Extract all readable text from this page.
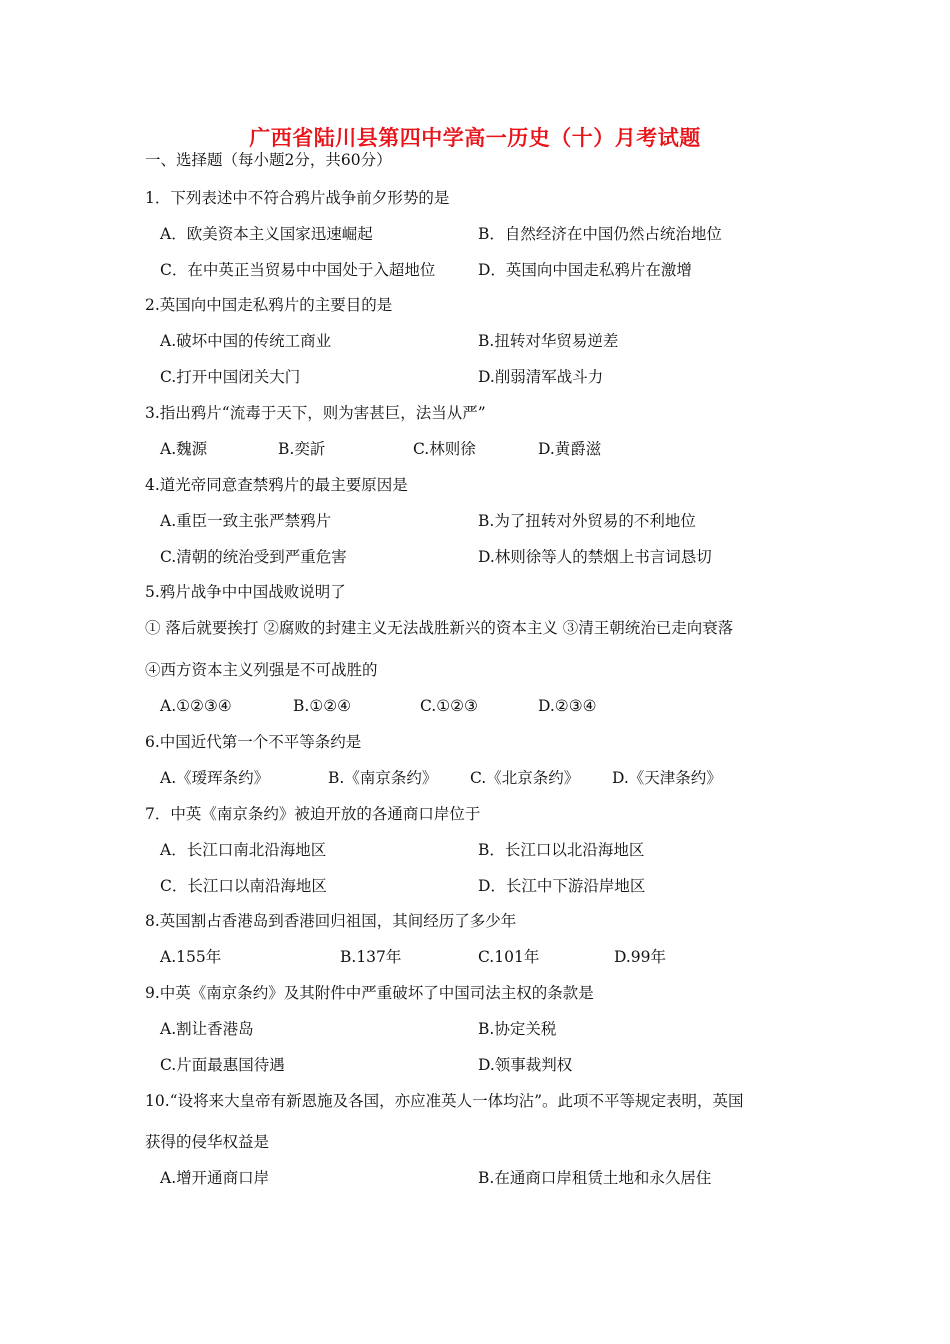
广西省陆川县第四中学高一历史（十）月考试题
一、选择题（每小题2分，共60分）
1．下列表述中不符合鸦片战争前夕形势的是
A．欧美资本主义国家迅速崛起	B．自然经济在中国仍然占统治地位
C．在中英正当贸易中中国处于入超地位	D．英国向中国走私鸦片在激增
2.英国向中国走私鸦片的主要目的是
A.破坏中国的传统工商业	B.扭转对华贸易逆差
C.打开中国闭关大门	D.削弱清军战斗力
3.指出鸦片“流毒于天下，则为害甚巨，法当从严”
A.魏源	B.奕訢	C.林则徐	D.黄爵滋
4.道光帝同意查禁鸦片的最主要原因是
A.重臣一致主张严禁鸦片	B.为了扭转对外贸易的不利地位
C.清朝的统治受到严重危害	D.林则徐等人的禁烟上书言词恳切
5.鸦片战争中中国战败说明了
① 落后就要挨打 ②腐败的封建主义无法战胜新兴的资本主义 ③清王朝统治已走向衰落
④西方资本主义列强是不可战胜的
A.①②③④	B.①②④	C.①②③	D.②③④
6.中国近代第一个不平等条约是
A.《瑷珲条约》	B.《南京条约》 C.《北京条约》 D.《天津条约》
7．中英《南京条约》被迫开放的各通商口岸位于
A．长江口南北沿海地区	B．长江口以北沿海地区
C．长江口以南沿海地区	D．长江中下游沿岸地区
8.英国割占香港岛到香港回归祖国，其间经历了多少年
A.155年	B.137年	C.101年	D.99年
9.中英《南京条约》及其附件中严重破坏了中国司法主权的条款是
A.割让香港岛	B.协定关税
C.片面最惠国待遇	D.领事裁判权
10.“设将来大皇帝有新恩施及各国，亦应准英人一体均沾”。此项不平等规定表明，英国
获得的侵华权益是
A.增开通商口岸	B.在通商口岸租赁土地和永久居住
